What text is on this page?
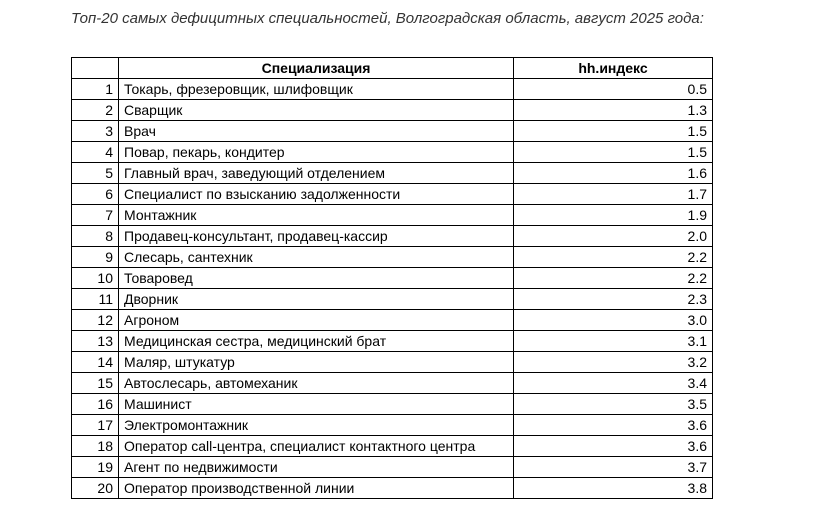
Топ-20 самых дефицитных специальностей, Волгоградская область, август 2025 года:
	Специализация	hh.индекс
1	Токарь, фрезеровщик, шлифовщик	0.5
2	Сварщик	1.3
3	Врач	1.5
4	Повар, пекарь, кондитер	1.5
5	Главный врач, заведующий отделением	1.6
6	Специалист по взысканию задолженности	1.7
7	Монтажник	1.9
8	Продавец-консультант, продавец-кассир	2.0
9	Слесарь, сантехник	2.2
10	Товаровед	2.2
11	Дворник	2.3
12	Агроном	3.0
13	Медицинская сестра, медицинский брат	3.1
14	Маляр, штукатур	3.2
15	Автослесарь, автомеханик	3.4
16	Машинист	3.5
17	Электромонтажник	3.6
18	Оператор call-центра, специалист контактного центра	3.6
19	Агент по недвижимости	3.7
20	Оператор производственной линии	3.8
